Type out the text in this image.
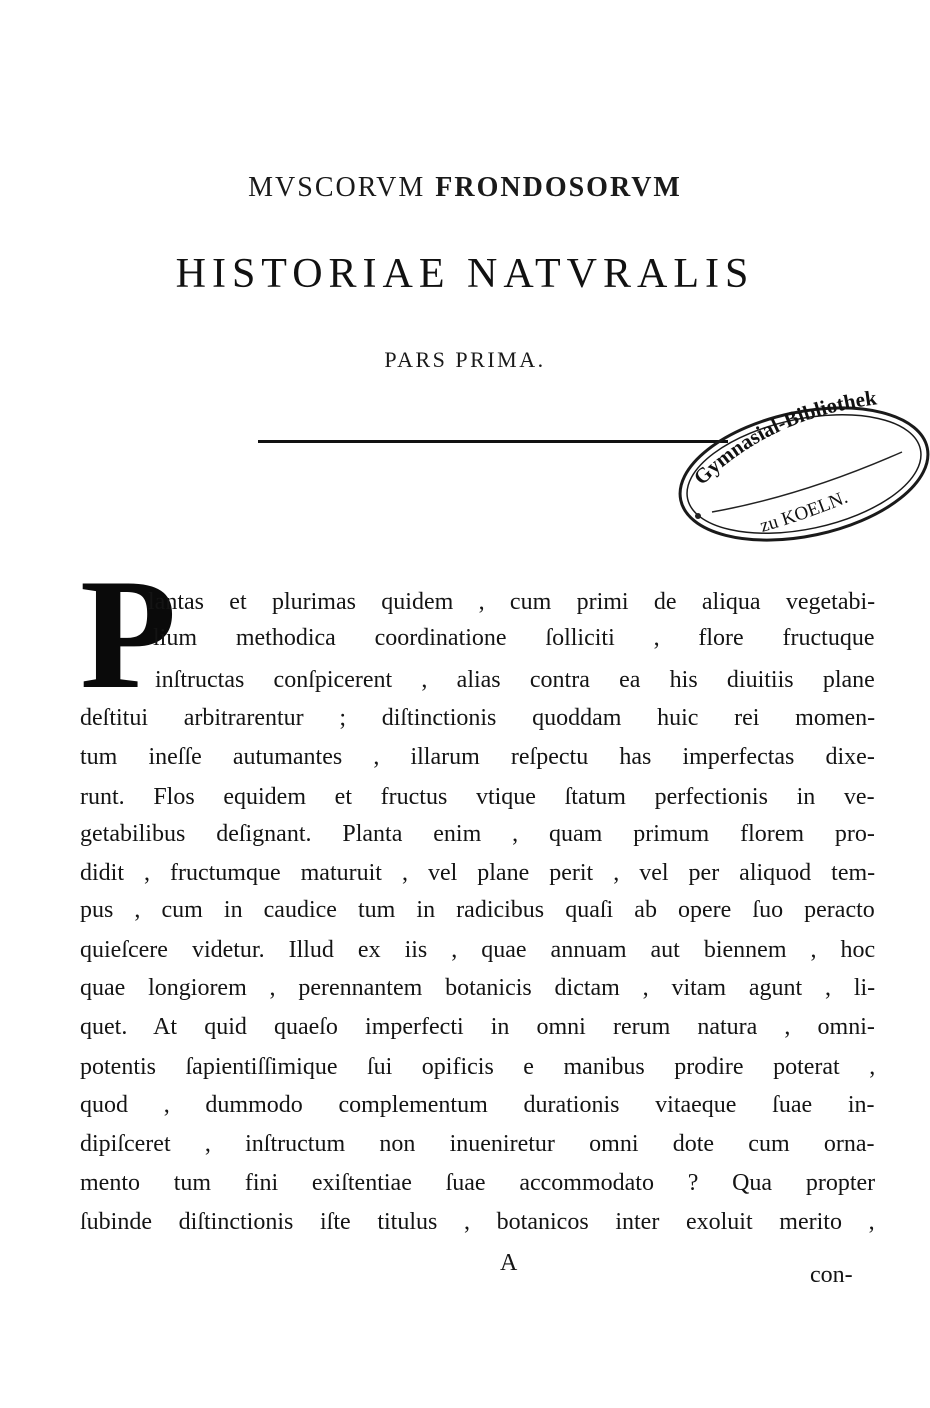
MVSCORVM FRONDOSORVM
HISTORIAE NATVRALIS
PARS PRIMA.
Gymnasial-Bibliothek
zu KOELN.
P
lantas et plurimas quidem , cum primi de aliqua vegetabi-
lium methodica coordinatione ſolliciti , flore fructuque
inſtructas conſpicerent , alias contra ea his diuitiis plane
deſtitui arbitrarentur ; diſtinctionis quoddam huic rei momen-
tum ineſſe autumantes , illarum reſpectu has imperfectas dixe-
runt. Flos equidem et fructus vtique ſtatum perfectionis in ve-
getabilibus deſignant. Planta enim , quam primum florem pro-
didit , fructumque maturuit , vel plane perit , vel per aliquod tem-
pus , cum in caudice tum in radicibus quaſi ab opere ſuo peracto
quieſcere videtur. Illud ex iis , quae annuam aut biennem , hoc
quae longiorem , perennantem botanicis dictam , vitam agunt , li-
quet. At quid quaeſo imperfecti in omni rerum natura , omni-
potentis ſapientiſſimique ſui opificis e manibus prodire poterat ,
quod , dummodo complementum durationis vitaeque ſuae in-
dipiſceret , inſtructum non inueniretur omni dote cum orna-
mento tum fini exiſtentiae ſuae accommodato ? Qua propter
ſubinde diſtinctionis iſte titulus , botanicos inter exoluit merito ,
A	con-
